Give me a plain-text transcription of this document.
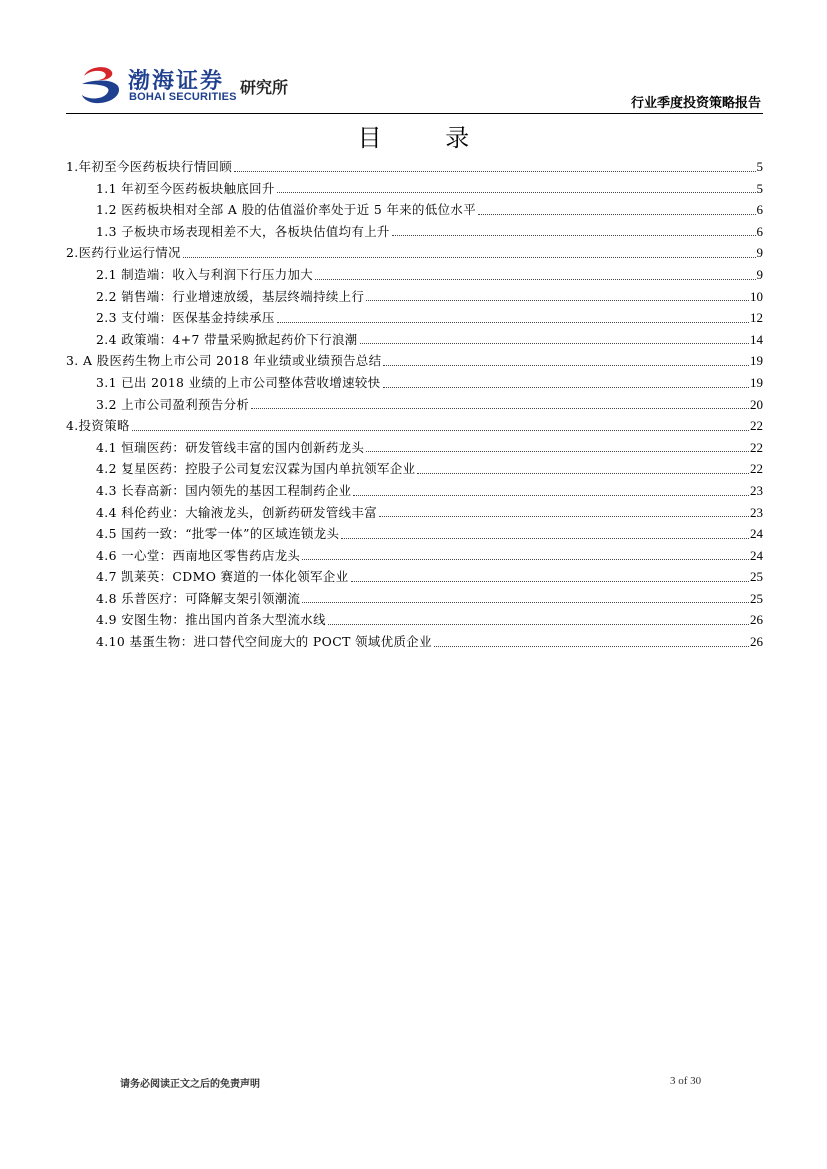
渤海证券
BOHAI SECURITIES 研究所
行业季度投资策略报告
目 录
1.年初至今医药板块行情回顾	5
1.1 年初至今医药板块触底回升	5
1.2 医药板块相对全部 A 股的估值溢价率处于近 5 年来的低位水平	6
1.3 子板块市场表现相差不大，各板块估值均有上升	6
2.医药行业运行情况	9
2.1 制造端：收入与利润下行压力加大	9
2.2 销售端：行业增速放缓，基层终端持续上行	10
2.3 支付端：医保基金持续承压	12
2.4 政策端：4+7 带量采购掀起药价下行浪潮	14
3. A 股医药生物上市公司 2018 年业绩或业绩预告总结	19
3.1 已出 2018 业绩的上市公司整体营收增速较快	19
3.2 上市公司盈利预告分析	20
4.投资策略	22
4.1 恒瑞医药：研发管线丰富的国内创新药龙头	22
4.2 复星医药：控股子公司复宏汉霖为国内单抗领军企业	22
4.3 长春高新：国内领先的基因工程制药企业	23
4.4 科伦药业：大输液龙头，创新药研发管线丰富	23
4.5 国药一致：“批零一体”的区域连锁龙头	24
4.6 一心堂：西南地区零售药店龙头	24
4.7 凯莱英：CDMO 赛道的一体化领军企业	25
4.8 乐普医疗：可降解支架引领潮流	25
4.9 安图生物：推出国内首条大型流水线	26
4.10 基蛋生物：进口替代空间庞大的 POCT 领域优质企业	26
请务必阅读正文之后的免责声明	3 of 30
